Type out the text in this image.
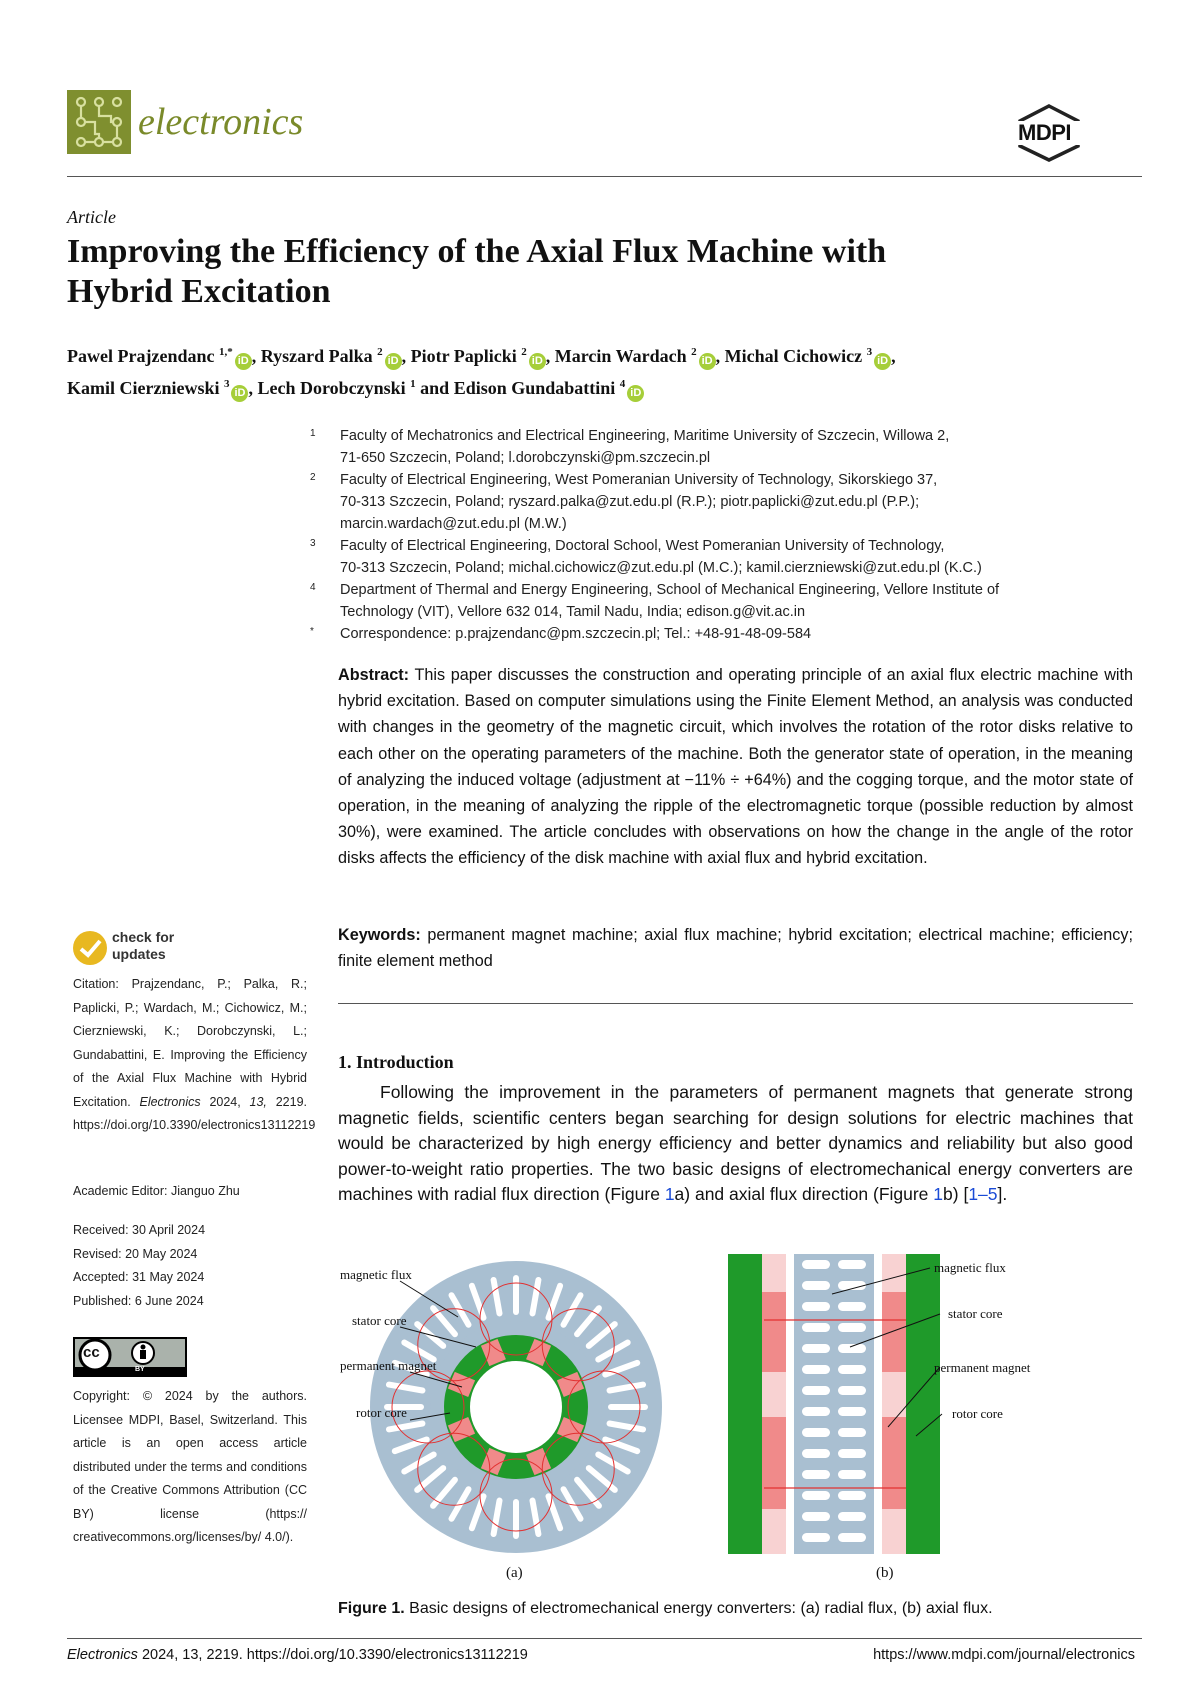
electronics	MDPI
Article
Improving the Efficiency of the Axial Flux Machine with
Hybrid Excitation
Pawel Prajzendanc $^{1,*}$iD , Ryszard Palka $^2$iD , Piotr Paplicki $^2$iD , Marcin Wardach $^2$iD , Michal Cichowicz $^3$iD ,
Kamil Cierzniewski $^3$iD , Lech Dorobczynski $^1$ and Edison Gundabattini $^4$iD
1 Faculty of Mechatronics and Electrical Engineering, Maritime University of Szczecin, Willowa 2,
71-650 Szczecin, Poland; l.dorobczynski@pm.szczecin.pl
2 Faculty of Electrical Engineering, West Pomeranian University of Technology, Sikorskiego 37,
70-313 Szczecin, Poland; ryszard.palka@zut.edu.pl (R.P.); piotr.paplicki@zut.edu.pl (P.P.);
marcin.wardach@zut.edu.pl (M.W.)
3 Faculty of Electrical Engineering, Doctoral School, West Pomeranian University of Technology,
70-313 Szczecin, Poland; michal.cichowicz@zut.edu.pl (M.C.); kamil.cierzniewski@zut.edu.pl (K.C.)
4 Department of Thermal and Energy Engineering, School of Mechanical Engineering, Vellore Institute of
Technology (VIT), Vellore 632 014, Tamil Nadu, India; edison.g@vit.ac.in
* Correspondence: p.prajzendanc@pm.szczecin.pl; Tel.: +48-91-48-09-584
Abstract: This paper discusses the construction and operating principle of an axial flux electric machine with hybrid excitation. Based on computer simulations using the Finite Element Method, an analysis was conducted with changes in the geometry of the magnetic circuit, which involves the rotation of the rotor disks relative to each other on the operating parameters of the machine. Both the generator state of operation, in the meaning of analyzing the induced voltage (adjustment at −11% ÷ +64%) and the cogging torque, and the motor state of operation, in the meaning of analyzing the ripple of the electromagnetic torque (possible reduction by almost 30%), were examined. The article concludes with observations on how the change in the angle of the rotor disks affects the efficiency of the disk machine with axial flux and hybrid excitation.
Keywords: permanent magnet machine; axial flux machine; hybrid excitation; electrical machine; efficiency; finite element method
check for
updates
Citation: Prajzendanc, P.; Palka, R.; Paplicki, P.; Wardach, M.; Cichowicz, M.; Cierzniewski, K.; Dorobczynski, L.; Gundabattini, E. Improving the Efficiency of the Axial Flux Machine with Hybrid Excitation. Electronics 2024, 13, 2219. https://doi.org/10.3390/electronics13112219
Academic Editor: Jianguo Zhu
Received: 30 April 2024
Revised: 20 May 2024
Accepted: 31 May 2024
Published: 6 June 2024
cc
BY
Copyright: © 2024 by the authors. Licensee MDPI, Basel, Switzerland. This article is an open access article distributed under the terms and conditions of the Creative Commons Attribution (CC BY) license (https:// creativecommons.org/licenses/by/ 4.0/).
1. Introduction
Following the improvement in the parameters of permanent magnets that generate strong magnetic fields, scientific centers began searching for design solutions for electric machines that would be characterized by high energy efficiency and better dynamics and reliability but also good power-to-weight ratio properties. The two basic designs of electromechanical energy converters are machines with radial flux direction (Figure 1a) and axial flux direction (Figure 1b) [1–5].
magnetic flux
stator core
permanent magnet
rotor core
(a)
magnetic flux
stator core
permanent magnet
rotor core
(b)
Figure 1. Basic designs of electromechanical energy converters: (a) radial flux, (b) axial flux.
Electronics 2024, 13, 2219. https://doi.org/10.3390/electronics13112219	https://www.mdpi.com/journal/electronics
